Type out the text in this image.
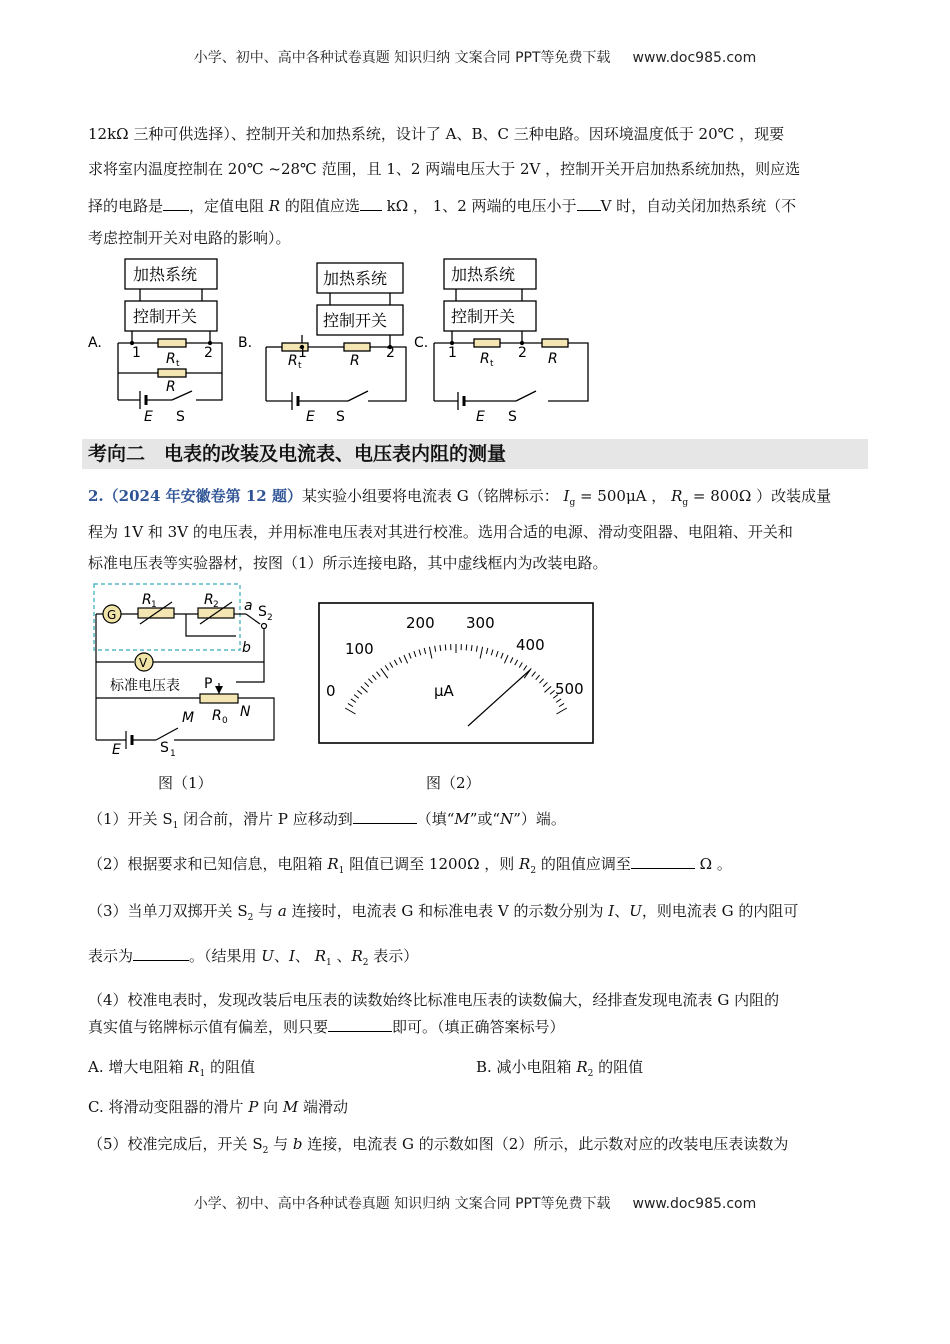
小学、初中、高中各种试卷真题 知识归纳 文案合同 PPT等免费下载 www.doc985.com
12kΩ 三种可供选择）、控制开关和加热系统，设计了 A、B、C 三种电路。因环境温度低于 20℃ ，现要
求将室内温度控制在 20℃ ~28℃ 范围，且 1、2 两端电压大于 2V ，控制开关开启加热系统加热，则应选
择的电路是 ，定值电阻 R 的阻值应选 kΩ ， 1、2 两端的电压小于 V 时，自动关闭加热系统（不
考虑控制开关对电路的影响）。
加热系统
控制开关
A.
1	2
R t
R
E S
加热系统
控制开关
B.
R t
1	R 2
E S
加热系统
控制开关
C.
1 R t
2 R
E S
考向二　电表的改装及电流表、电压表内阻的测量
2.（2024 年安徽卷第 12 题）某实验小组要将电流表 G（铭牌标示： $I_g = 500\mu A$ ， $R_g = 800\Omega$ ）改装成量
程为 1V 和 3V 的电压表，并用标准电压表对其进行校准。选用合适的电源、滑动变阻器、电阻箱、开关和
标准电压表等实验器材，按图（1）所示连接电路，其中虚线框内为改装电路。
G
V
R 1	R 2 a S 2
b
标准电压表 P
M	N
R 0
E	S 1
0
100
200 300
400
500
μA
图（1）	图（2）
（1）开关 $S_1$ 闭合前，滑片 P 应移动到	（填“M”或“N”）端。
（2）根据要求和已知信息，电阻箱 $R_1$ 阻值已调至 1200Ω ，则 $R_2$ 的阻值应调至	Ω 。
（3）当单刀双掷开关 $S_2$ 与 a 连接时，电流表 G 和标准电表 V 的示数分别为 I、U，则电流表 G 的内阻可
表示为	。（结果用 U、I、 $R_1$ 、$R_2$ 表示）
（4）校准电表时，发现改装后电压表的读数始终比标准电压表的读数偏大，经排查发现电流表 G 内阻的
真实值与铭牌标示值有偏差，则只要	即可。（填正确答案标号）
A. 增大电阻箱 $R_1$ 的阻值	B. 减小电阻箱 $R_2$ 的阻值
C. 将滑动变阻器的滑片 P 向 M 端滑动
（5）校准完成后，开关 $S_2$ 与 b 连接，电流表 G 的示数如图（2）所示，此示数对应的改装电压表读数为
小学、初中、高中各种试卷真题 知识归纳 文案合同 PPT等免费下载 www.doc985.com
